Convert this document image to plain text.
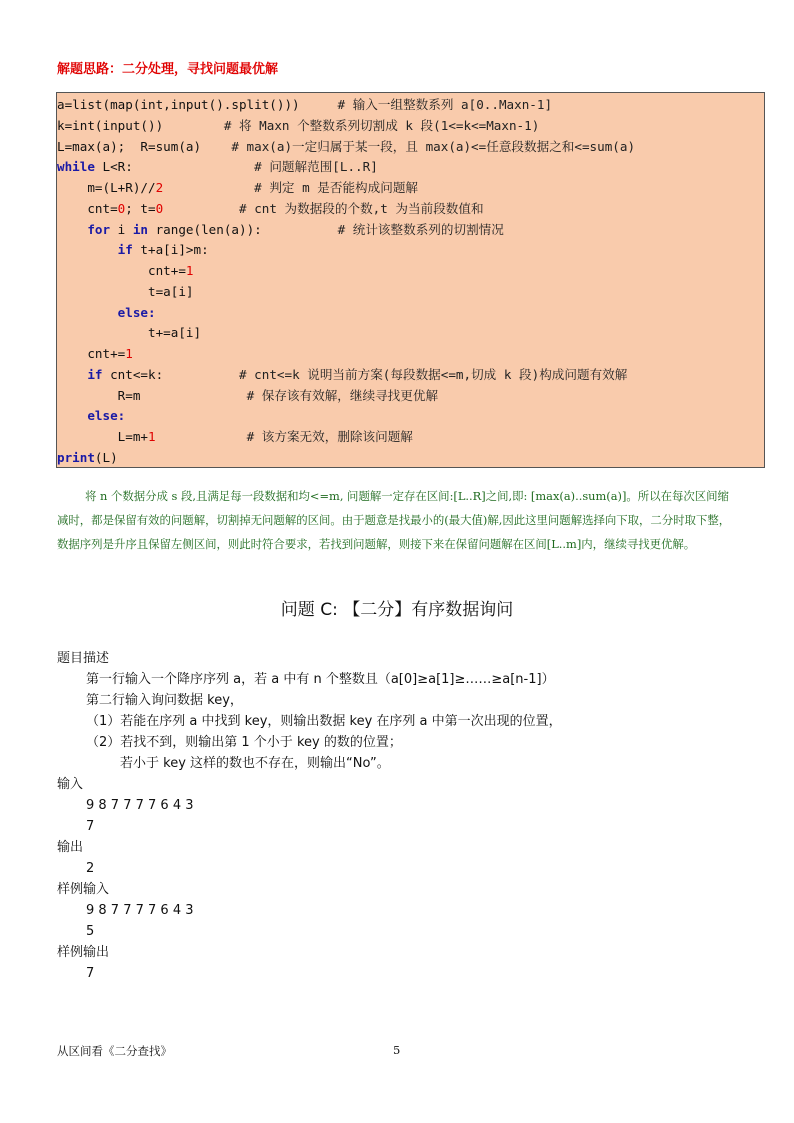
解题思路：二分处理，寻找问题最优解
a=list(map(int,input().split()))     # 输入一组整数系列 a[0..Maxn-1]
k=int(input())        # 将 Maxn 个整数系列切割成 k 段(1<=k<=Maxn-1)
L=max(a);  R=sum(a)    # max(a)一定归属于某一段，且 max(a)<=任意段数据之和<=sum(a)
while L<R:                # 问题解范围[L..R]
m=(L+R)//2	# 判定 m 是否能构成问题解
cnt=0; t=0	# cnt 为数据段的个数,t 为当前段数值和
for i in range(len(a)):          # 统计该整数系列的切割情况
if t+a[i]>m:
cnt+=1
t=a[i]
else:
t+=a[i]
cnt+=1
if cnt<=k:          # cnt<=k 说明当前方案(每段数据<=m,切成 k 段)构成问题有效解
R=m              # 保存该有效解，继续寻找更优解
else:
L=m+1	# 该方案无效，删除该问题解
print(L)
将 n 个数据分成 s 段,且满足每一段数据和均<=m, 问题解一定存在区间:[L..R]之间,即: [max(a)..sum(a)]。所以在每次区间缩减时，都是保留有效的问题解，切割掉无问题解的区间。由于题意是找最小的(最大值)解,因此这里问题解选择向下取，二分时取下整，数据序列是升序且保留左侧区间，则此时符合要求，若找到问题解，则接下来在保留问题解在区间[L..m]内，继续寻找更优解。
问题 C: 【二分】有序数据询问
题目描述
第一行输入一个降序序列 a，若 a 中有 n 个整数且（a[0]≥a[1]≥……≥a[n-1]）
第二行输入询问数据 key，
（1）若能在序列 a 中找到 key，则输出数据 key 在序列 a 中第一次出现的位置，
（2）若找不到，则输出第 1 个小于 key 的数的位置；
若小于 key 这样的数也不存在，则输出“No”。
输入
9 8 7 7 7 7 6 4 3
7
输出
2
样例输入
9 8 7 7 7 7 6 4 3
5
样例输出
7
从区间看《二分查找》	5
